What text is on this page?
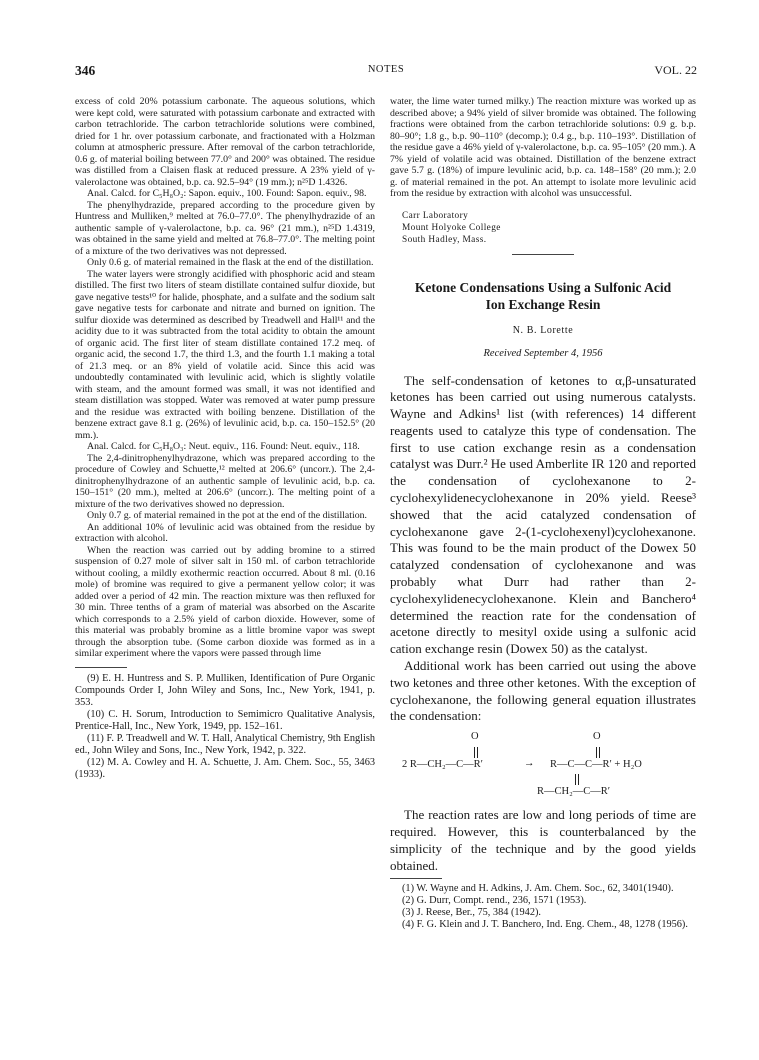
346	NOTES	VOL. 22

excess of cold 20% potassium carbonate. The aqueous solutions, which were kept cold, were saturated with potassium carbonate and extracted with carbon tetrachloride. The carbon tetrachloride solutions were combined, dried for 1 hr. over potassium carbonate, and fractionated with a Holzman column at atmospheric pressure. After removal of the carbon tetrachloride, 0.6 g. of material boiling between 77.0° and 200° was obtained. The residue was distilled from a Claisen flask at reduced pressure. A 23% yield of γ-valerolactone was obtained, b.p. ca. 92.5–94° (19 mm.); n²⁵D 1.4326.

Anal. Calcd. for C₅H₈O₂: Sapon. equiv., 100. Found: Sapon. equiv., 98.

The phenylhydrazide, prepared according to the procedure given by Huntress and Mulliken,⁹ melted at 76.0–77.0°. The phenylhydrazide of an authentic sample of γ-valerolactone, b.p. ca. 96° (21 mm.), n²⁵D 1.4319, was obtained in the same yield and melted at 76.8–77.0°. The melting point of a mixture of the two derivatives was not depressed.

Only 0.6 g. of material remained in the flask at the end of the distillation.

The water layers were strongly acidified with phosphoric acid and steam distilled. The first two liters of steam distillate contained sulfur dioxide, but gave negative tests¹⁰ for halide, phosphate, and a sulfate and the sodium salt gave negative tests for carbonate and nitrate and burned on ignition. The sulfur dioxide was determined as described by Treadwell and Hall¹¹ and the acidity due to it was subtracted from the total acidity to obtain the amount of organic acid. The first liter of steam distillate contained 17.2 meq. of organic acid, the second 1.7, the third 1.3, and the fourth 1.1 making a total of 21.3 meq. or an 8% yield of volatile acid. Since this acid was undoubtedly contaminated with levulinic acid, which is slightly volatile with steam, and the amount formed was small, it was not identified and steam distillation was stopped. Water was removed at water pump pressure and the residue was extracted with boiling benzene. Distillation of the benzene extract gave 8.1 g. (26%) of levulinic acid, b.p. ca. 150–152.5° (20 mm.).

Anal. Calcd. for C₅H₈O₃: Neut. equiv., 116. Found: Neut. equiv., 118.

The 2,4-dinitrophenylhydrazone, which was prepared according to the procedure of Cowley and Schuette,¹² melted at 206.6° (uncorr.). The 2,4-dinitrophenylhydrazone of an authentic sample of levulinic acid, b.p. ca. 150–151° (20 mm.), melted at 206.6° (uncorr.). The melting point of a mixture of the two derivatives showed no depression.

Only 0.7 g. of material remained in the pot at the end of the distillation.

An additional 10% of levulinic acid was obtained from the residue by extraction with alcohol.

When the reaction was carried out by adding bromine to a stirred suspension of 0.27 mole of silver salt in 150 ml. of carbon tetrachloride without cooling, a mildly exothermic reaction occurred. About 8 ml. (0.16 mole) of bromine was required to give a permanent yellow color; it was added over a period of 42 min. The reaction mixture was then refluxed for 30 min. Three tenths of a gram of material was absorbed on the Ascarite which corresponds to a 2.5% yield of carbon dioxide. However, some of this material was probably bromine as a little bromine vapor was swept through the absorption tube. (Some carbon dioxide was formed as in a similar experiment where the vapors were passed through lime

(9) E. H. Huntress and S. P. Mulliken, Identification of Pure Organic Compounds Order I, John Wiley and Sons, Inc., New York, 1941, p. 353.

(10) C. H. Sorum, Introduction to Semimicro Qualitative Analysis, Prentice-Hall, Inc., New York, 1949, pp. 152–161.

(11) F. P. Treadwell and W. T. Hall, Analytical Chemistry, 9th English ed., John Wiley and Sons, Inc., New York, 1942, p. 322.

(12) M. A. Cowley and H. A. Schuette, J. Am. Chem. Soc., 55, 3463 (1933).

water, the lime water turned milky.) The reaction mixture was worked up as described above; a 94% yield of silver bromide was obtained. The following fractions were obtained from the carbon tetrachloride solutions: 0.9 g. b.p. 80–90°; 1.8 g., b.p. 90–110° (decomp.); 0.4 g., b.p. 110–193°. Distillation of the residue gave a 46% yield of γ-valerolactone, b.p. ca. 95–105° (20 mm.). A 7% yield of volatile acid was obtained. Distillation of the benzene extract gave 5.7 g. (18%) of impure levulinic acid, b.p. ca. 148–158° (20 mm.); 2.0 g. of material remained in the pot. An attempt to isolate more levulinic acid from the residue by extraction with alcohol was unsuccessful.

Carr Laboratory

Mount Holyoke College

South Hadley, Mass.

Ketone Condensations Using a Sulfonic Acid

Ion Exchange Resin

N. B. Lorette

Received September 4, 1956

The self-condensation of ketones to α,β-unsaturated ketones has been carried out using numerous catalysts. Wayne and Adkins¹ list (with references) 14 different reagents used to catalyze this type of condensation. The first to use cation exchange resin as a condensation catalyst was Durr.² He used Amberlite IR 120 and reported the condensation of cyclohexanone to 2-cyclohexylidenecyclohexanone in 20% yield. Reese³ showed that the acid catalyzed condensation of cyclohexanone gave 2-(1-cyclohexenyl)cyclohexanone. This was found to be the main product of the Dowex 50 catalyzed condensation of cyclohexanone and was probably what Durr had rather than 2-cyclohexylidenecyclohexanone. Klein and Banchero⁴ determined the reaction rate for the condensation of acetone directly to mesityl oxide using a sulfonic acid cation exchange resin (Dowex 50) as the catalyst.

Additional work has been carried out using the above two ketones and three other ketones. With the exception of cyclohexanone, the following general equation illustrates the condensation:

O
2 R—CH₂—C—R′	→
O
R—C—C—R′ + H₂O
R—CH₂—C—R′

The reaction rates are low and long periods of time are required. However, this is counterbalanced by the simplicity of the technique and by the good yields obtained.

(1) W. Wayne and H. Adkins, J. Am. Chem. Soc., 62, 3401(1940).

(2) G. Durr, Compt. rend., 236, 1571 (1953).

(3) J. Reese, Ber., 75, 384 (1942).

(4) F. G. Klein and J. T. Banchero, Ind. Eng. Chem., 48, 1278 (1956).
